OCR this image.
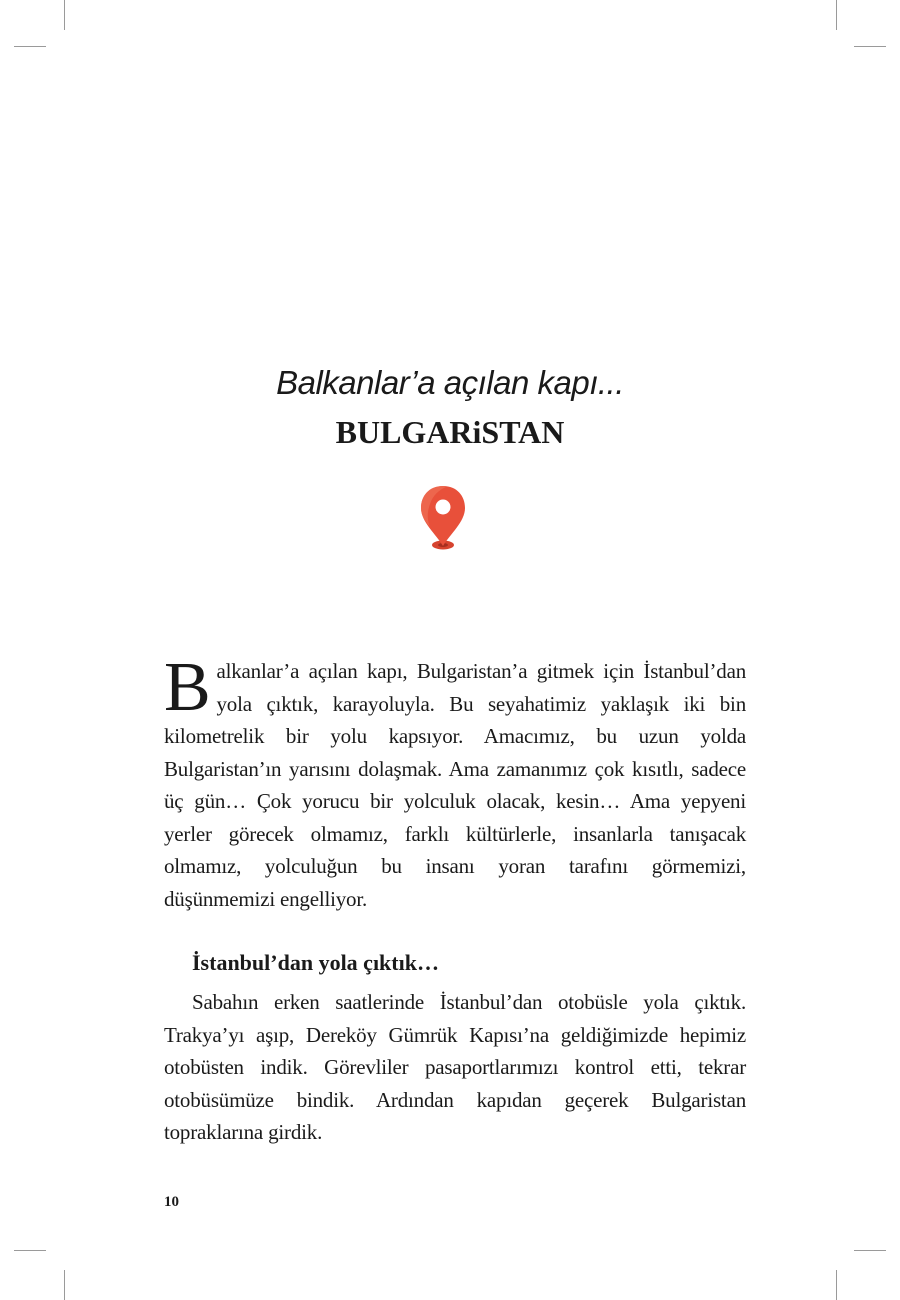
Balkanlar’a açılan kapı...

BULGARiSTAN

Balkanlar’a açılan kapı, Bulgaristan’a gitmek için İstanbul’dan yola çıktık, karayoluyla. Bu seyahatimiz yaklaşık iki bin kilometrelik bir yolu kapsıyor. Amacımız, bu uzun yolda Bulgaristan’ın yarısını dolaşmak. Ama zamanımız çok kısıtlı, sadece üç gün… Çok yorucu bir yolculuk olacak, kesin… Ama yepyeni yerler görecek olmamız, farklı kültürlerle, insanlarla tanışacak olmamız, yolculuğun bu insanı yoran tarafını görmemizi, düşünmemizi engelliyor.

İstanbul’dan yola çıktık…

Sabahın erken saatlerinde İstanbul’dan otobüsle yola çıktık. Trakya’yı aşıp, Dereköy Gümrük Kapısı’na geldiğimizde hepimiz otobüsten indik. Görevliler pasaportlarımızı kontrol etti, tekrar otobüsümüze bindik. Ardından kapıdan geçerek Bulgaristan topraklarına girdik.

10
